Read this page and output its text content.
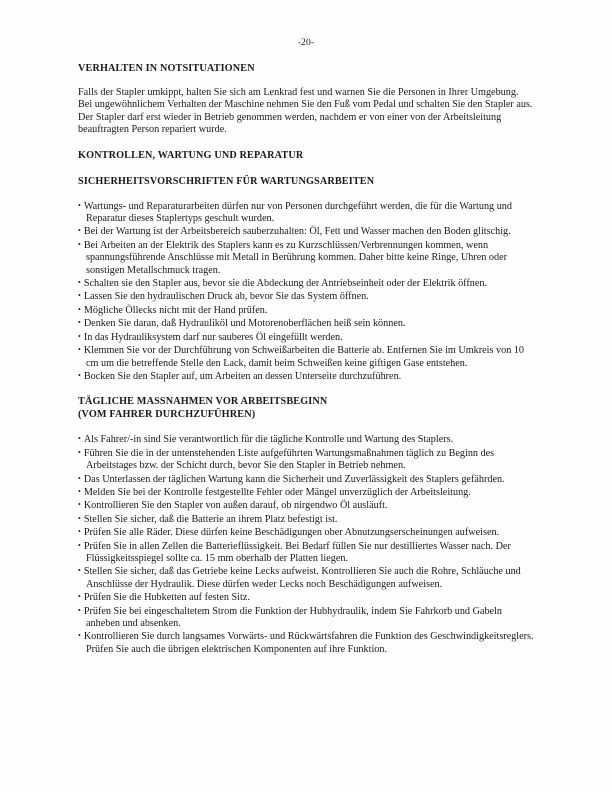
-20-
VERHALTEN IN NOTSITUATIONEN

Falls der Stapler umkippt, halten Sie sich am Lenkrad fest und warnen Sie die Personen in Ihrer Umgebung. Bei ungewöhnlichem Verhalten der Maschine nehmen Sie den Fuß vom Pedal und schalten Sie den Stapler aus. Der Stapler darf erst wieder in Betrieb genommen werden, nachdem er von einer von der Arbeitsleitung beauftragten Person repariert wurde.

KONTROLLEN, WARTUNG UND REPARATUR
SICHERHEITSVORSCHRIFTEN FÜR WARTUNGSARBEITEN
• Wartungs- und Reparaturarbeiten dürfen nur von Personen durchgeführt werden, die für die Wartung und Reparatur dieses Staplertyps geschult wurden.
• Bei der Wartung ist der Arbeitsbereich sauberzuhalten: Öl, Fett und Wasser machen den Boden glitschig.
• Bei Arbeiten an der Elektrik des Staplers kann es zu Kurzschlüssen/Verbrennungen kommen, wenn spannungsführende Anschlüsse mit Metall in Berührung kommen. Daher bitte keine Ringe, Uhren oder sonstigen Metallschmuck tragen.
• Schalten sie den Stapler aus, bevor sie die Abdeckung der Antriebseinheit oder der Elektrik öffnen.
• Lassen Sie den hydraulischen Druck ab, bevor Sie das System öffnen.
• Mögliche Öllecks nicht mit der Hand prüfen.
• Denken Sie daran, daß Hydrauliköl und Motorenoberflächen heiß sein können.
• In das Hydrauliksystem darf nur sauberes Öl eingefüllt werden.
• Klemmen Sie vor der Durchführung von Schweißarbeiten die Batterie ab. Entfernen Sie im Umkreis von 10 cm um die betreffende Stelle den Lack, damit beim Schweißen keine giftigen Gase entstehen.
• Bocken Sie den Stapler auf, um Arbeiten an dessen Unterseite durchzuführen.
TÄGLICHE MASSNAHMEN VOR ARBEITSBEGINN
(VOM FAHRER DURCHZUFÜHREN)
• Als Fahrer/-in sind Sie verantwortlich für die tägliche Kontrolle und Wartung des Staplers.
• Führen Sie die in der untenstehenden Liste aufgeführten Wartungsmaßnahmen täglich zu Beginn des Arbeitstages bzw. der Schicht durch, bevor Sie den Stapler in Betrieb nehmen.
• Das Unterlassen der täglichen Wartung kann die Sicherheit und Zuverlässigkeit des Staplers gefährden.
• Melden Sie bei der Kontrolle festgestellte Fehler oder Mängel unverzüglich der Arbeitsleitung.
• Kontrollieren Sie den Stapler von außen darauf, ob nirgendwo Öl ausläuft.
• Stellen Sie sicher, daß die Batterie an ihrem Platz befestigt ist.
• Prüfen Sie alle Räder. Diese dürfen keine Beschädigungen ober Abnutzungserscheinungen aufweisen.
• Prüfen Sie in allen Zellen die Batterieflüssigkeit. Bei Bedarf füllen Sie nur destilliertes Wasser nach. Der Flüssigkeitsspiegel sollte ca. 15 mm oberhalb der Platten liegen.
• Stellen Sie sicher, daß das Getriebe keine Lecks aufweist. Kontrollieren Sie auch die Rohre, Schläuche und Anschlüsse der Hydraulik. Diese dürfen weder Lecks noch Beschädigungen aufweisen.
• Prüfen Sie die Hubketten auf festen Sitz.
• Prüfen Sie bei eingeschaltetem Strom die Funktion der Hubhydraulik, indem Sie Fahrkorb und Gabeln anheben und absenken.
• Kontrollieren Sie durch langsames Vorwärts- und Rückwärtsfahren die Funktion des Geschwindigkeitsreglers. Prüfen Sie auch die übrigen elektrischen Komponenten auf ihre Funktion.
